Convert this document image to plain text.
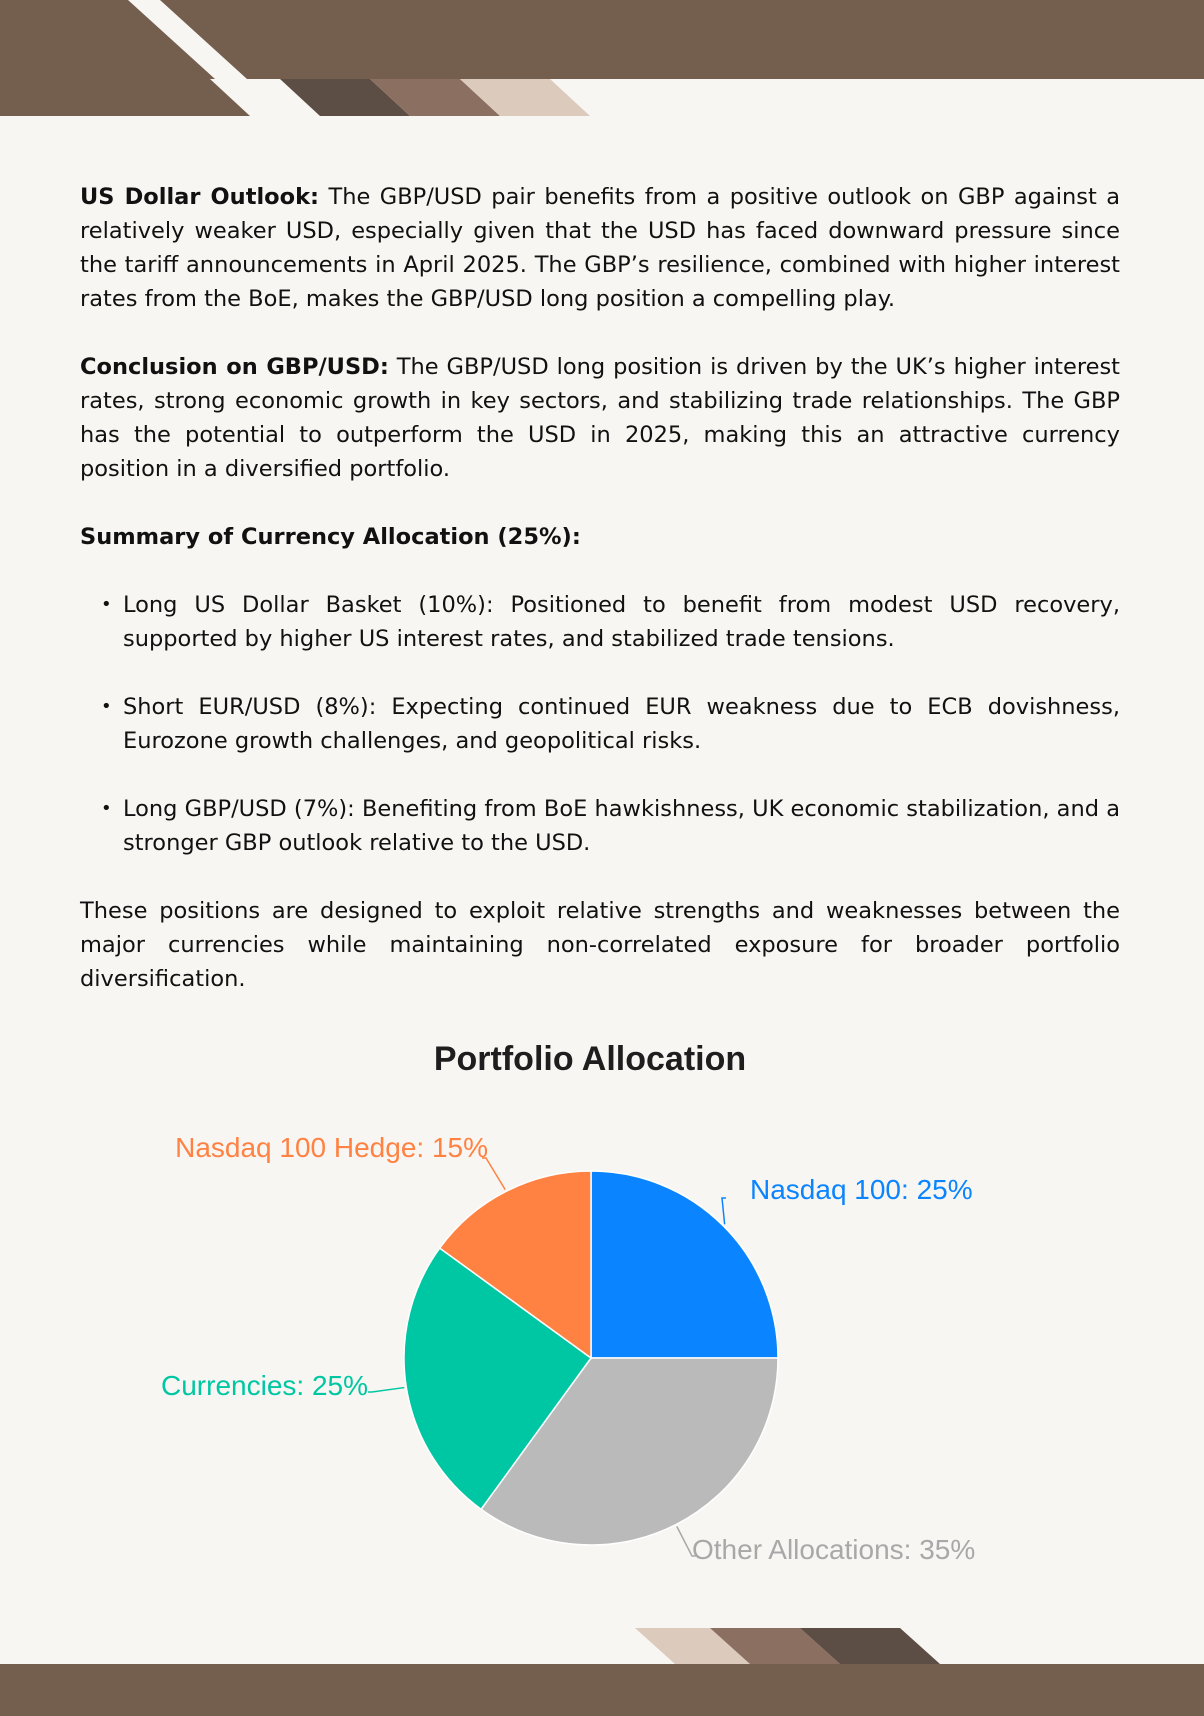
US Dollar Outlook: The GBP/USD pair benefits from a positive outlook on GBP against a relatively weaker USD, especially given that the USD has faced downward pressure since the tariff announcements in April 2025. The GBP’s resilience, combined with higher interest rates from the BoE, makes the GBP/USD long position a compelling play.

Conclusion on GBP/USD: The GBP/USD long position is driven by the UK’s higher interest rates, strong economic growth in key sectors, and stabilizing trade relationships. The GBP has the potential to outperform the USD in 2025, making this an attractive currency position in a diversified portfolio.

Summary of Currency Allocation (25%):

• Long US Dollar Basket (10%): Positioned to benefit from modest USD recovery, supported by higher US interest rates, and stabilized trade tensions.
• Short EUR/USD (8%): Expecting continued EUR weakness due to ECB dovishness, Eurozone growth challenges, and geopolitical risks.
• Long GBP/USD (7%): Benefiting from BoE hawkishness, UK economic stabilization, and a stronger GBP outlook relative to the USD.

These positions are designed to exploit relative strengths and weaknesses between the major currencies while maintaining non-correlated exposure for broader portfolio diversification.

Portfolio Allocation
Nasdaq 100: 25%
Other Allocations: 35%
Currencies: 25%
Nasdaq 100 Hedge: 15%
